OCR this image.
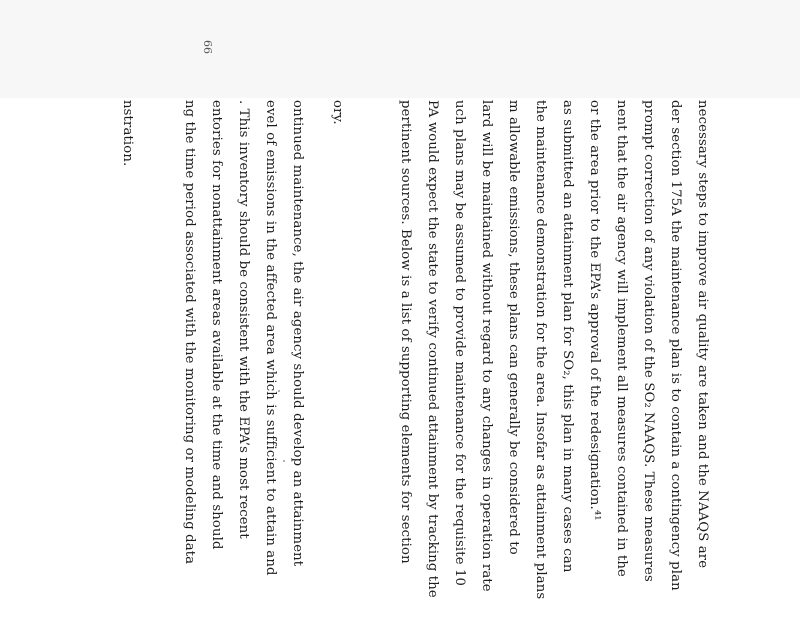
necessary steps to improve air quality are taken and the NAAQS are
der section 175A the maintenance plan is to contain a contingency plan
prompt correction of any violation of the SO₂ NAAQS. These measures
nent that the air agency will implement all measures contained in the
or the area prior to the EPA’s approval of the redesignation.⁴¹
as submitted an attainment plan for SO₂, this plan in many cases can
the maintenance demonstration for the area. Insofar as attainment plans
m allowable emissions, these plans can generally be considered to
lard will be maintained without regard to any changes in operation rate
uch plans may be assumed to provide maintenance for the requisite 10
PA would expect the state to verify continued attainment by tracking the
pertinent sources. Below is a list of supporting elements for section
ory.
ontinued maintenance, the air agency should develop an attainment
evel of emissions in the affected area which is sufficient to attain and
. This inventory should be consistent with the EPA’s most recent
entories for nonattainment areas available at the time and should
ng the time period associated with the monitoring or modeling data
nstration.
66
